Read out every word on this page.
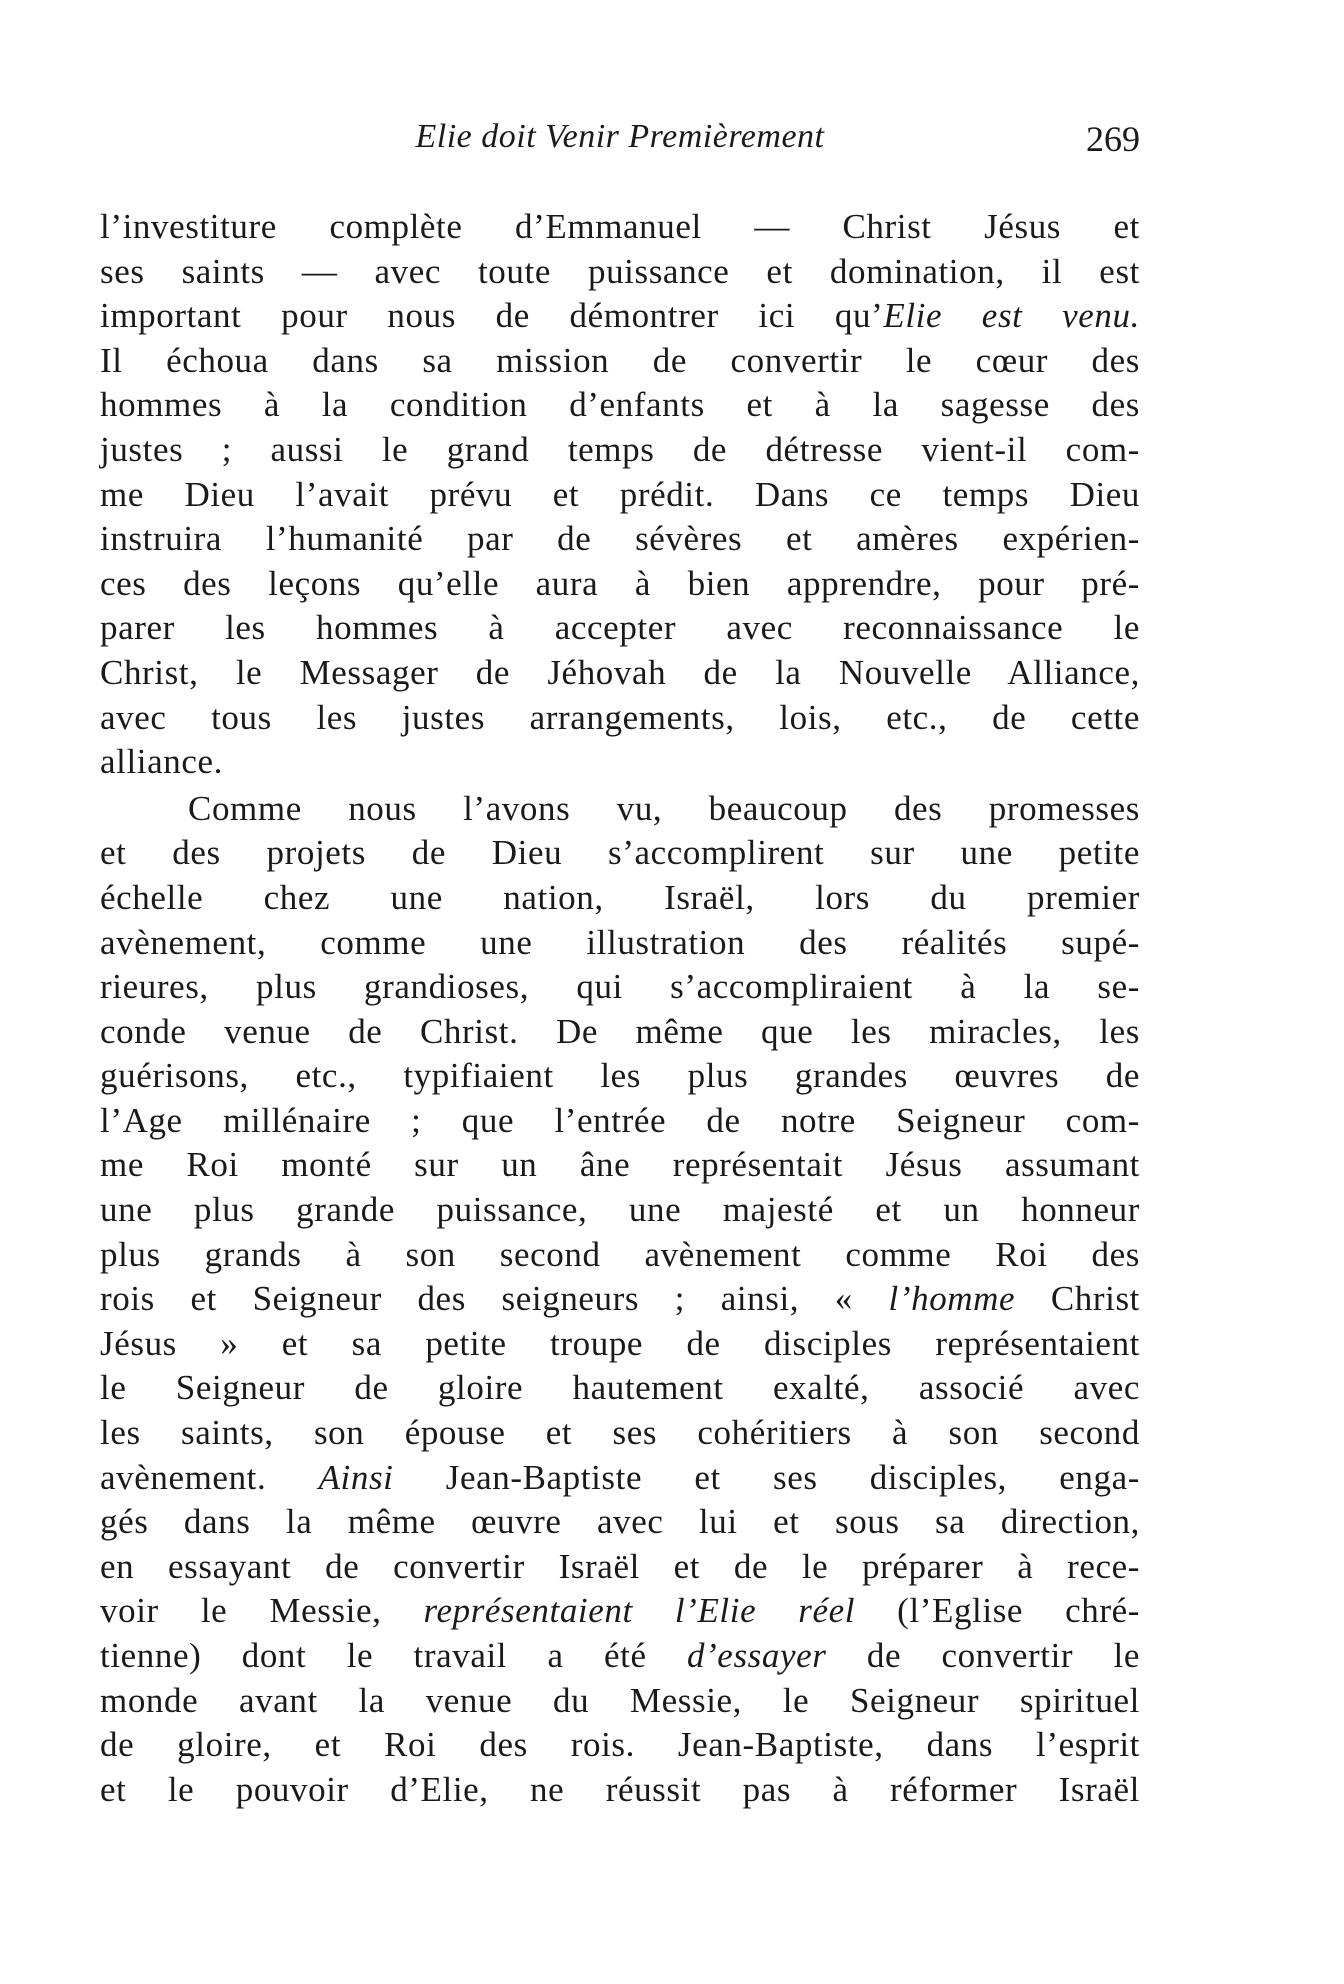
Elie doit Venir Premièrement	269
l’investiture complète d’Emmanuel — Christ Jésus et
ses saints — avec toute puissance et domination, il est
important pour nous de démontrer ici qu’Elie est venu.
Il échoua dans sa mission de convertir le cœur des
hommes à la condition d’enfants et à la sagesse des
justes ; aussi le grand temps de détresse vient-il com-
me Dieu l’avait prévu et prédit. Dans ce temps Dieu
instruira l’humanité par de sévères et amères expérien-
ces des leçons qu’elle aura à bien apprendre, pour pré-
parer les hommes à accepter avec reconnaissance le
Christ, le Messager de Jéhovah de la Nouvelle Alliance,
avec tous les justes arrangements, lois, etc., de cette
alliance.
Comme nous l’avons vu, beaucoup des promesses
et des projets de Dieu s’accomplirent sur une petite
échelle chez une nation, Israël, lors du premier
avènement, comme une illustration des réalités supé-
rieures, plus grandioses, qui s’accompliraient à la se-
conde venue de Christ. De même que les miracles, les
guérisons, etc., typifiaient les plus grandes œuvres de
l’Age millénaire ; que l’entrée de notre Seigneur com-
me Roi monté sur un âne représentait Jésus assumant
une plus grande puissance, une majesté et un honneur
plus grands à son second avènement comme Roi des
rois et Seigneur des seigneurs ; ainsi, « l’homme Christ
Jésus » et sa petite troupe de disciples représentaient
le Seigneur de gloire hautement exalté, associé avec
les saints, son épouse et ses cohéritiers à son second
avènement. Ainsi Jean-Baptiste et ses disciples, enga-
gés dans la même œuvre avec lui et sous sa direction,
en essayant de convertir Israël et de le préparer à rece-
voir le Messie, représentaient l’Elie réel (l’Eglise chré-
tienne) dont le travail a été d’essayer de convertir le
monde avant la venue du Messie, le Seigneur spirituel
de gloire, et Roi des rois. Jean-Baptiste, dans l’esprit
et le pouvoir d’Elie, ne réussit pas à réformer Israël
